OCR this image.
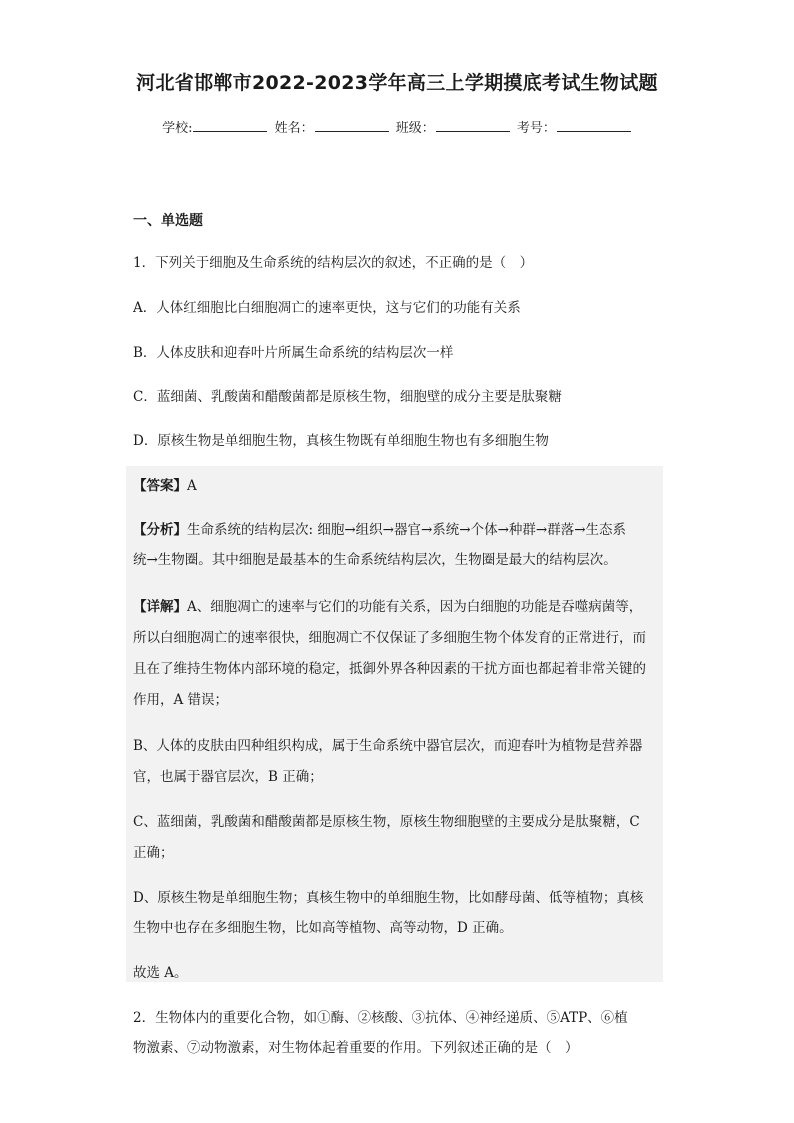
河北省邯郸市2022-2023学年高三上学期摸底考试生物试题
学校:	姓名：	班级：	考号：
一、单选题
1．下列关于细胞及生命系统的结构层次的叙述，不正确的是（　）
A．人体红细胞比白细胞凋亡的速率更快，这与它们的功能有关系
B．人体皮肤和迎春叶片所属生命系统的结构层次一样
C．蓝细菌、乳酸菌和醋酸菌都是原核生物，细胞壁的成分主要是肽聚糖
D．原核生物是单细胞生物，真核生物既有单细胞生物也有多细胞生物
【答案】A
【分析】生命系统的结构层次: 细胞→组织→器官→系统→个体→种群→群落→生态系
统→生物圈。其中细胞是最基本的生命系统结构层次，生物圈是最大的结构层次。
【详解】A、细胞凋亡的速率与它们的功能有关系，因为白细胞的功能是吞噬病菌等，
所以白细胞凋亡的速率很快，细胞凋亡不仅保证了多细胞生物个体发育的正常进行，而
且在了维持生物体内部环境的稳定，抵御外界各种因素的干扰方面也都起着非常关键的
作用，A 错误；
B、人体的皮肤由四种组织构成，属于生命系统中器官层次，而迎春叶为植物是营养器
官，也属于器官层次，B 正确；
C、蓝细菌，乳酸菌和醋酸菌都是原核生物，原核生物细胞壁的主要成分是肽聚糖，C
正确；
D、原核生物是单细胞生物；真核生物中的单细胞生物，比如酵母菌、低等植物；真核
生物中也存在多细胞生物，比如高等植物、高等动物，D 正确。
故选 A。
2．生物体内的重要化合物，如①酶、②核酸、③抗体、④神经递质、⑤ATP、⑥植
物激素、⑦动物激素，对生物体起着重要的作用。下列叙述正确的是（　）
